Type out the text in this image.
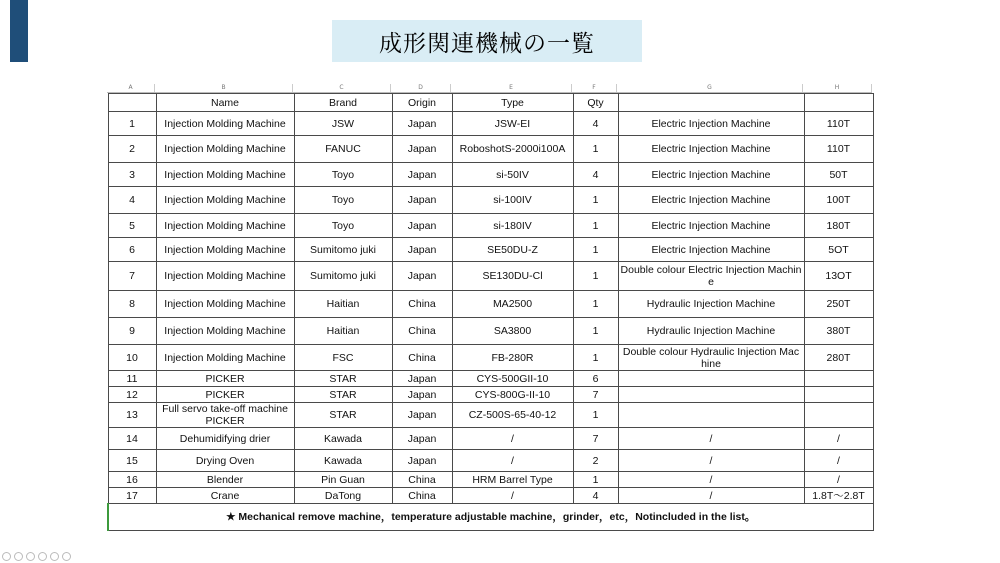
成形関連機械の一覧
A	B	C	D	E	F	G	H
	Name	Brand	Origin	Type	Qty		
1	Injection Molding Machine	JSW	Japan	JSW-EI	4	Electric Injection Machine	110T
2	Injection Molding Machine	FANUC	Japan	RoboshotS-2000i100A	1	Electric Injection Machine	110T
3	Injection Molding Machine	Toyo	Japan	si-50IV	4	Electric Injection Machine	50T
4	Injection Molding Machine	Toyo	Japan	si-100IV	1	Electric Injection Machine	100T
5	Injection Molding Machine	Toyo	Japan	si-180IV	1	Electric Injection Machine	180T
6	Injection Molding Machine	Sumitomo juki	Japan	SE50DU-Z	1	Electric Injection Machine	5OT
7	Injection Molding Machine	Sumitomo juki	Japan	SE130DU-Cl	1	Double colour Electric Injection Machine	13OT
8	Injection Molding Machine	Haitian	China	MA2500	1	Hydraulic Injection Machine	250T
9	Injection Molding Machine	Haitian	China	SA3800	1	Hydraulic Injection Machine	380T
10	Injection Molding Machine	FSC	China	FB-280R	1	Double colour Hydraulic Injection Machine	280T
11	PICKER	STAR	Japan	CYS-500GII-10	6		
12	PICKER	STAR	Japan	CYS-800G-II-10	7		
13	Full servo take-off machine PICKER	STAR	Japan	CZ-500S-65-40-12	1		
14	Dehumidifying drier	Kawada	Japan	/	7	/	/
15	Drying Oven	Kawada	Japan	/	2	/	/
16	Blender	Pin Guan	China	HRM Barrel Type	1	/	/
17	Crane	DaTong	China	/	4	/	1.8T～2.8T
★ Mechanical remove machine，temperature adjustable machine，grinder，etc，Notincluded in the list。							
